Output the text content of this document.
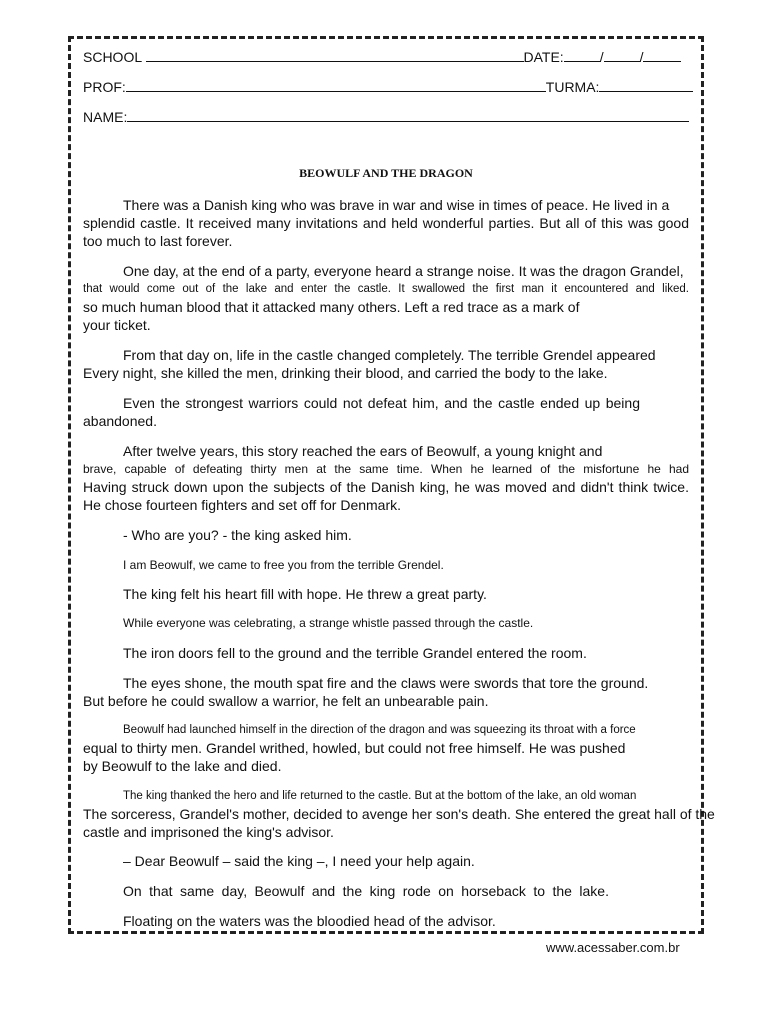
SCHOOL	DATE:	/	/
PROF:	TURMA:
NAME:
BEOWULF AND THE DRAGON
There was a Danish king who was brave in war and wise in times of peace. He lived in a
splendid castle. It received many invitations and held wonderful parties. But all of this was good
too much to last forever.
One day, at the end of a party, everyone heard a strange noise. It was the dragon Grandel,
that would come out of the lake and enter the castle. It swallowed the first man it encountered and liked.
so much human blood that it attacked many others. Left a red trace as a mark of
your ticket.
From that day on, life in the castle changed completely. The terrible Grendel appeared
Every night, she killed the men, drinking their blood, and carried the body to the lake.
Even the strongest warriors could not defeat him, and the castle ended up being
abandoned.
After twelve years, this story reached the ears of Beowulf, a young knight and
brave, capable of defeating thirty men at the same time. When he learned of the misfortune he had
Having struck down upon the subjects of the Danish king, he was moved and didn't think twice.
He chose fourteen fighters and set off for Denmark.
- Who are you? - the king asked him.
I am Beowulf, we came to free you from the terrible Grendel.
The king felt his heart fill with hope. He threw a great party.
While everyone was celebrating, a strange whistle passed through the castle.
The iron doors fell to the ground and the terrible Grandel entered the room.
The eyes shone, the mouth spat fire and the claws were swords that tore the ground.
But before he could swallow a warrior, he felt an unbearable pain.
Beowulf had launched himself in the direction of the dragon and was squeezing its throat with a force
equal to thirty men. Grandel writhed, howled, but could not free himself. He was pushed
by Beowulf to the lake and died.
The king thanked the hero and life returned to the castle. But at the bottom of the lake, an old woman
The sorceress, Grandel's mother, decided to avenge her son's death. She entered the great hall of the
castle and imprisoned the king's advisor.
– Dear Beowulf – said the king –, I need your help again.
On that same day, Beowulf and the king rode on horseback to the lake.
Floating on the waters was the bloodied head of the advisor.
www.acessaber.com.br
